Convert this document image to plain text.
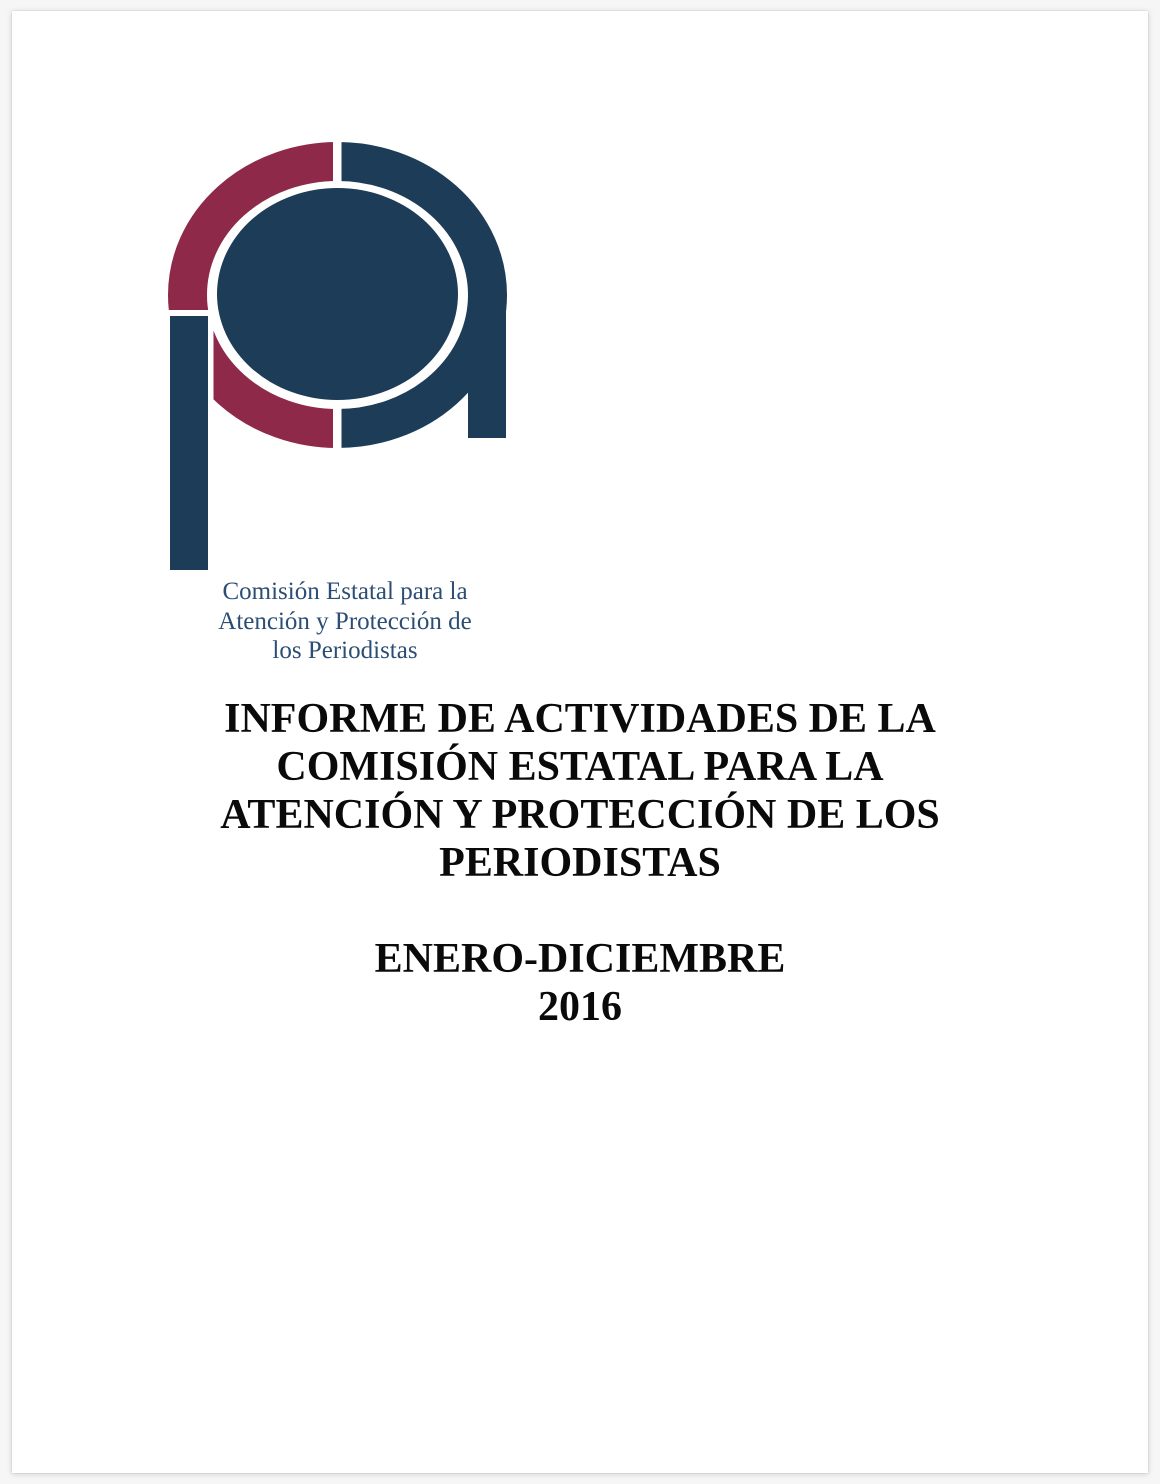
Comisión Estatal para la
Atención y Protección de
los Periodistas
INFORME DE ACTIVIDADES DE LA
COMISIÓN ESTATAL PARA LA
ATENCIÓN Y PROTECCIÓN DE LOS
PERIODISTAS
ENERO-DICIEMBRE
2016
